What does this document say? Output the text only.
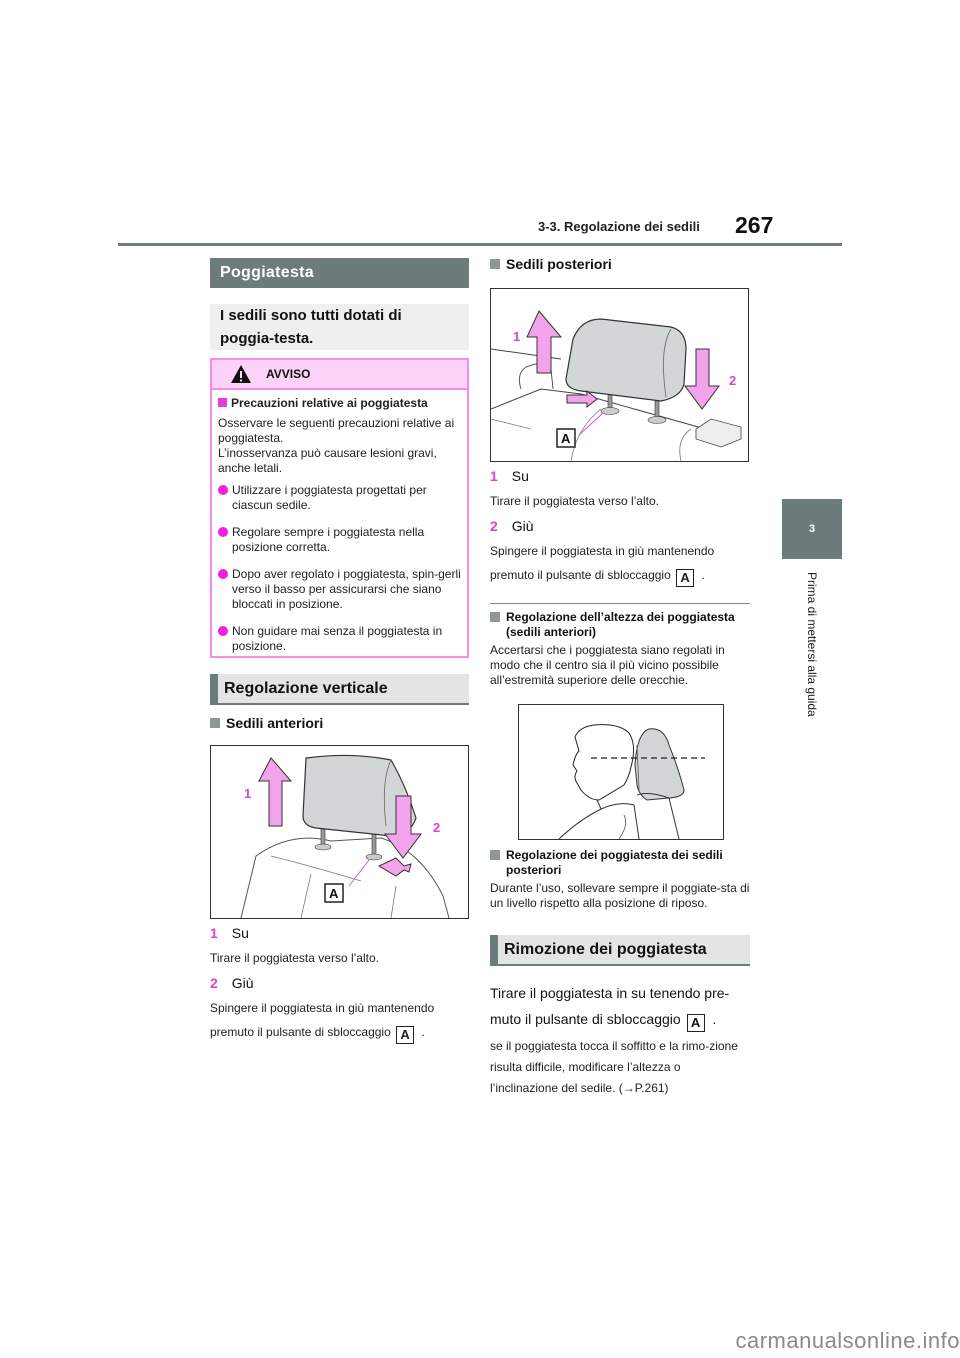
3-3. Regolazione dei sedili 267
3
Prima di mettersi alla guida
Poggiatesta
I sedili sono tutti dotati di poggia-testa.
AVVISO
Precauzioni relative ai poggiatesta
Osservare le seguenti precauzioni relative ai poggiatesta.
L’inosservanza può causare lesioni gravi, anche letali.
Utilizzare i poggiatesta progettati per ciascun sedile.
Regolare sempre i poggiatesta nella posizione corretta.
Dopo aver regolato i poggiatesta, spin-gerli verso il basso per assicurarsi che siano bloccati in posizione.
Non guidare mai senza il poggiatesta in posizione.
Regolazione verticale
Sedili anteriori
1
2
A
1 Su
Tirare il poggiatesta verso l’alto.
2 Giù
Spingere il poggiatesta in giù mantenendo
premuto il pulsante di sbloccaggio A .
Sedili posteriori
1
2
A
1 Su
Tirare il poggiatesta verso l’alto.
2 Giù
Spingere il poggiatesta in giù mantenendo
premuto il pulsante di sbloccaggio A .
Regolazione dell’altezza dei poggiatesta (sedili anteriori)
Accertarsi che i poggiatesta siano regolati in modo che il centro sia il più vicino possibile all’estremità superiore delle orecchie.
Regolazione dei poggiatesta dei sedili posteriori
Durante l’uso, sollevare sempre il poggiate-sta di un livello rispetto alla posizione di riposo.
Rimozione dei poggiatesta
Tirare il poggiatesta in su tenendo pre-
muto il pulsante di sbloccaggio A .
se il poggiatesta tocca il soffitto e la rimo-zione risulta difficile, modificare l’altezza o l’inclinazione del sedile. (→P.261)
carmanualsonline.info
